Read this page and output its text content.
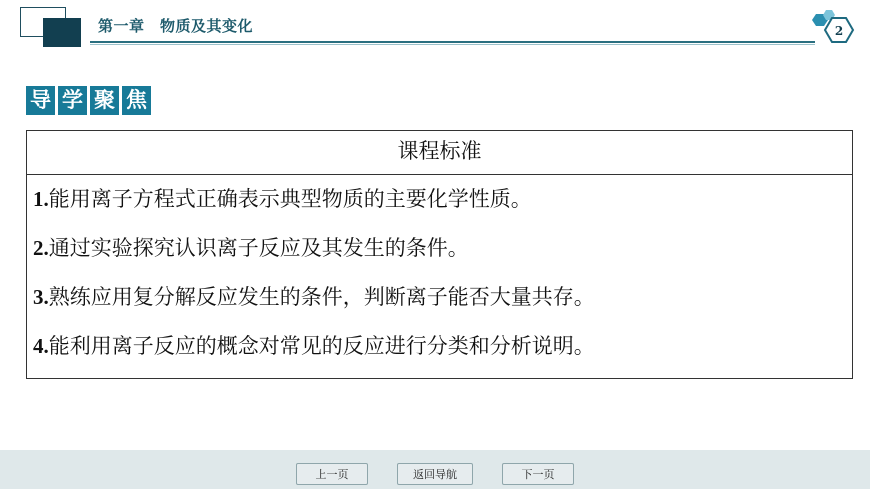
第一章　物质及其变化	2
导 学 聚 焦
课程标准
1.能用离子方程式正确表示典型物质的主要化学性质。
2.通过实验探究认识离子反应及其发生的条件。
3.熟练应用复分解反应发生的条件，判断离子能否大量共存。
4.能利用离子反应的概念对常见的反应进行分类和分析说明。
上一页	返回导航	下一页
